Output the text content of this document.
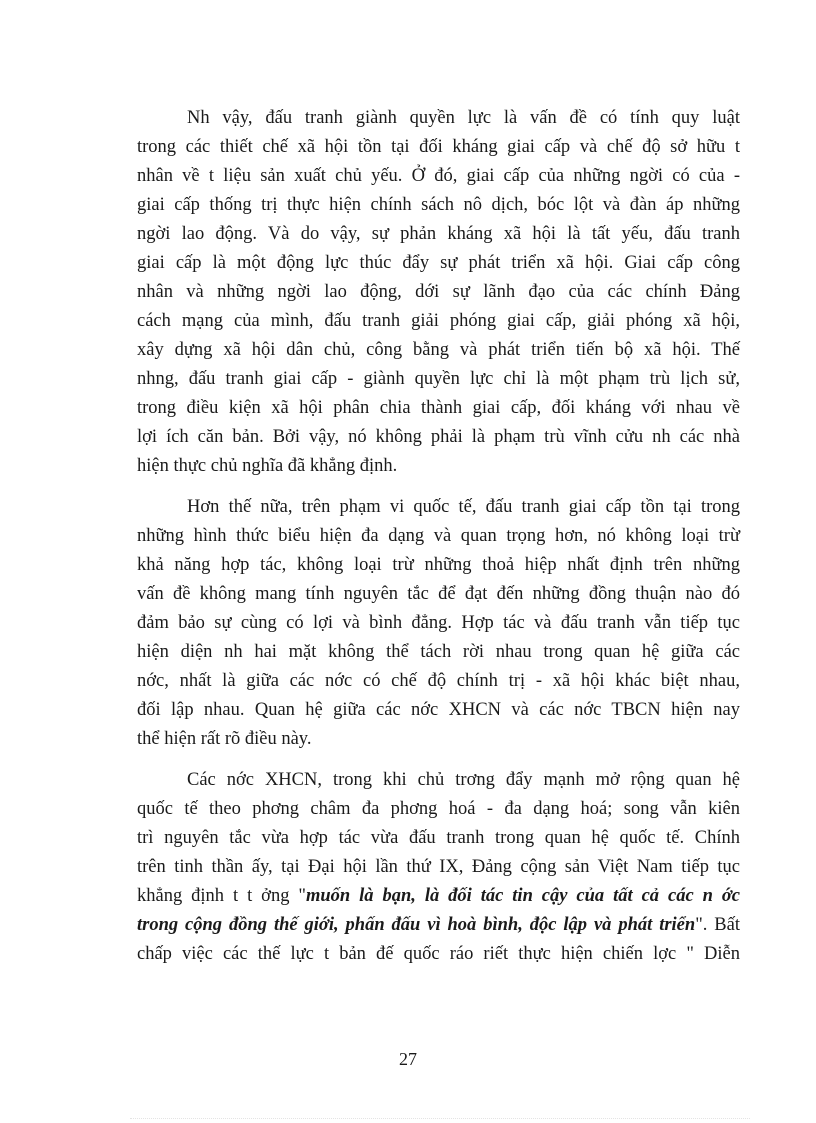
Nh vậy, đấu tranh giành quyền lực là vấn đề có tính quy luật
trong các thiết chế xã hội tồn tại đối kháng giai cấp và chế độ sở hữu t
nhân về t liệu sản xuất chủ yếu. Ở đó, giai cấp của những ngời có của -
giai cấp thống trị thực hiện chính sách nô dịch, bóc lột và đàn áp những
ngời lao động. Và do vậy, sự phản kháng xã hội là tất yếu, đấu tranh
giai cấp là một động lực thúc đẩy sự phát triển xã hội. Giai cấp công
nhân và những ngời lao động, dới sự lãnh đạo của các chính Đảng
cách mạng của mình, đấu tranh giải phóng giai cấp, giải phóng xã hội,
xây dựng xã hội dân chủ, công bằng và phát triển tiến bộ xã hội. Thế
nhng, đấu tranh giai cấp - giành quyền lực chỉ là một phạm trù lịch sử,
trong điều kiện xã hội phân chia thành giai cấp, đối kháng với nhau về
lợi ích căn bản. Bởi vậy, nó không phải là phạm trù vĩnh cửu nh các nhà
hiện thực chủ nghĩa đã khẳng định.
Hơn thế nữa, trên phạm vi quốc tế, đấu tranh giai cấp tồn tại trong
những hình thức biểu hiện đa dạng và quan trọng hơn, nó không loại trừ
khả năng hợp tác, không loại trừ những thoả hiệp nhất định trên những
vấn đề không mang tính nguyên tắc để đạt đến những đồng thuận nào đó
đảm bảo sự cùng có lợi và bình đẳng. Hợp tác và đấu tranh vẫn tiếp tục
hiện diện nh hai mặt không thể tách rời nhau trong quan hệ giữa các
nớc, nhất là giữa các nớc có chế độ chính trị - xã hội khác biệt nhau,
đối lập nhau. Quan hệ giữa các nớc XHCN và các nớc TBCN hiện nay
thể hiện rất rõ điều này.
Các nớc XHCN, trong khi chủ trơng đẩy mạnh mở rộng quan hệ
quốc tế theo phơng châm đa phơng hoá - đa dạng hoá; song vẫn kiên
trì nguyên tắc vừa hợp tác vừa đấu tranh trong quan hệ quốc tế. Chính
trên tinh thần ấy, tại Đại hội lần thứ IX, Đảng cộng sản Việt Nam tiếp tục
khẳng định t t ởng "muốn là bạn, là đối tác tin cậy của tất cả các n ớc
trong cộng đồng thế giới, phấn đấu vì hoà bình, độc lập và phát triển". Bất
chấp việc các thế lực t bản đế quốc ráo riết thực hiện chiến lợc " Diễn
27
